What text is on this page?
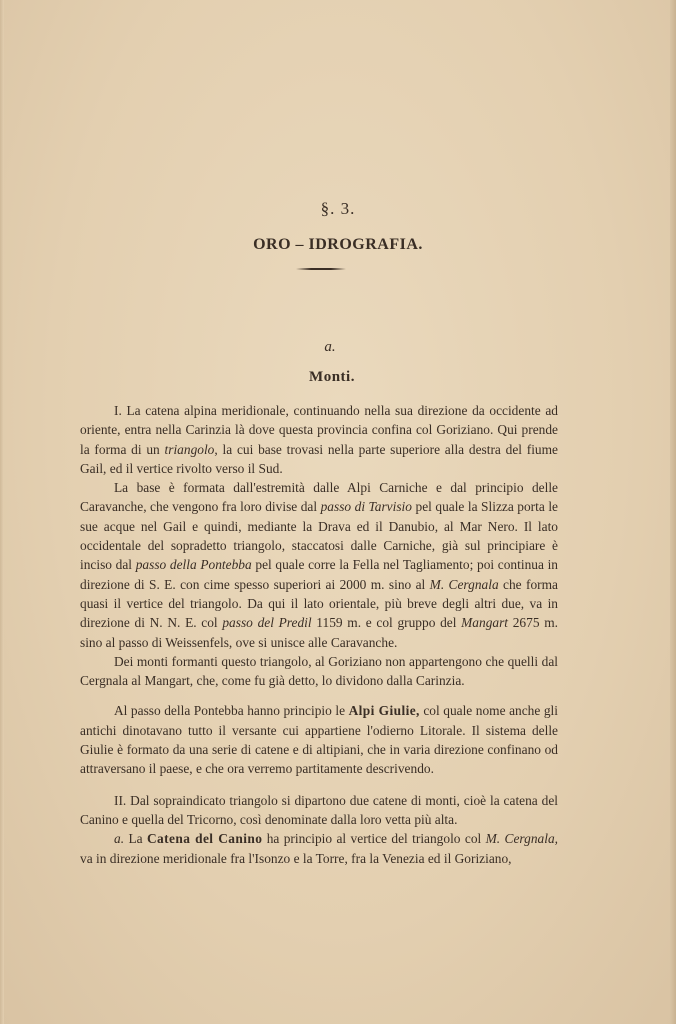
§. 3.
ORO – IDROGRAFIA.
a.
Monti.

I. La catena alpina meridionale, continuando nella sua direzione da occidente ad oriente, entra nella Carinzia là dove questa provincia confina col Goriziano. Qui prende la forma di un triangolo, la cui base trovasi nella parte superiore alla destra del fiume Gail, ed il vertice rivolto verso il Sud.

La base è formata dall'estremità dalle Alpi Carniche e dal principio delle Caravanche, che vengono fra loro divise dal passo di Tarvisio pel quale la Slizza porta le sue acque nel Gail e quindi, mediante la Drava ed il Danubio, al Mar Nero. Il lato occidentale del sopradetto triangolo, staccatosi dalle Carniche, già sul principiare è inciso dal passo della Pontebba pel quale corre la Fella nel Tagliamento; poi continua in direzione di S. E. con cime spesso superiori ai 2000 m. sino al M. Cergnala che forma quasi il vertice del triangolo. Da qui il lato orientale, più breve degli altri due, va in direzione di N. N. E. col passo del Predil 1159 m. e col gruppo del Mangart 2675 m. sino al passo di Weissenfels, ove si unisce alle Caravanche.

Dei monti formanti questo triangolo, al Goriziano non appartengono che quelli dal Cergnala al Mangart, che, come fu già detto, lo dividono dalla Carinzia.

Al passo della Pontebba hanno principio le Alpi Giulie, col quale nome anche gli antichi dinotavano tutto il versante cui appartiene l'odierno Litorale. Il sistema delle Giulie è formato da una serie di catene e di altipiani, che in varia direzione confinano od attraversano il paese, e che ora verremo partitamente descrivendo.

II. Dal sopraindicato triangolo si dipartono due catene di monti, cioè la catena del Canino e quella del Tricorno, così denominate dalla loro vetta più alta.

a. La Catena del Canino ha principio al vertice del triangolo col M. Cergnala, va in direzione meridionale fra l'Isonzo e la Torre, fra la Venezia ed il Goriziano,
